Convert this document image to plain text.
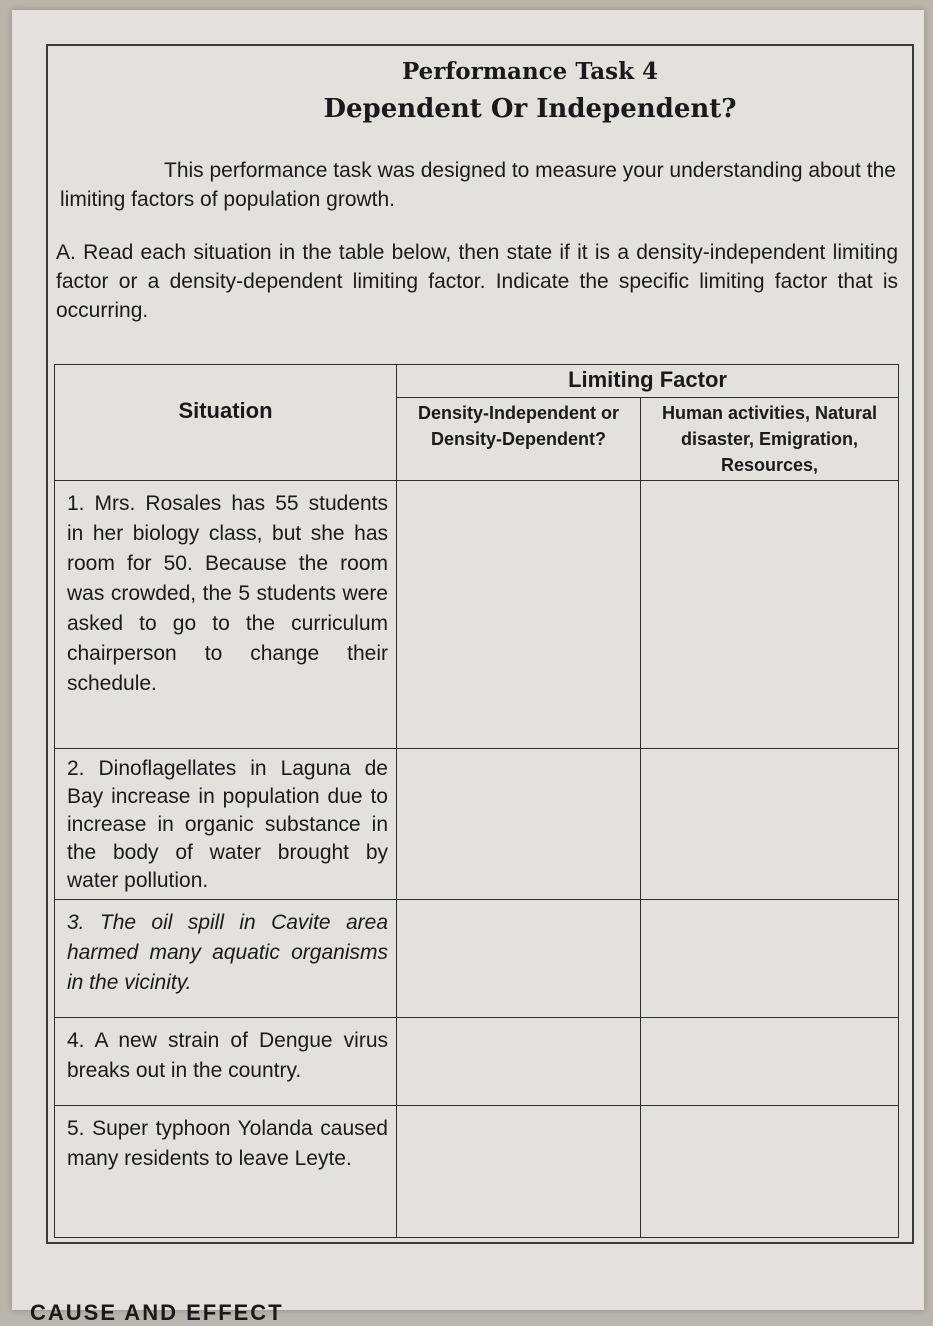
Performance Task 4
Dependent Or Independent?
This performance task was designed to measure your understanding about the limiting factors of population growth.
A. Read each situation in the table below, then state if it is a density-independent limiting factor or a density-dependent limiting factor. Indicate the specific limiting factor that is occurring.
Situation	Limiting Factor	
	Density-Independent or Density-Dependent?	Human activities, Natural disaster, Emigration, Resources,
1. Mrs. Rosales has 55 students in her biology class, but she has room for 50. Because the room was crowded, the 5 students were asked to go to the curriculum chairperson to change their schedule.		
2. Dinoflagellates in Laguna de Bay increase in population due to increase in organic substance in the body of water brought by water pollution.		
3. The oil spill in Cavite area harmed many aquatic organisms in the vicinity.		
4. A new strain of Dengue virus breaks out in the country.		
5. Super typhoon Yolanda caused many residents to leave Leyte.		
CAUSE AND EFFECT
